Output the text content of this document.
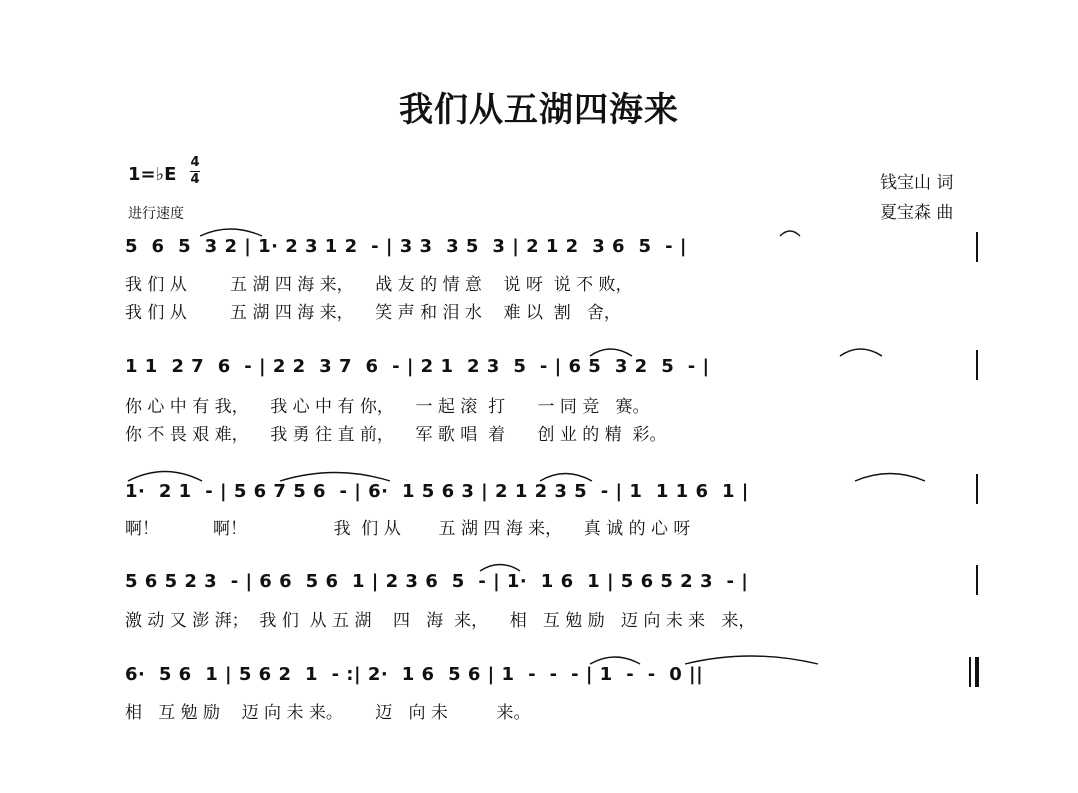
我们从五湖四海来
1=♭E
4
4
进行速度
钱宝山 词
夏宝森 曲
5  6  5  3 2 | 1· 2 3 1 2  - | 3 3  3 5  3 | 2 1 2  3 6  5  - |
我 们 从        五 湖 四 海 来，    战 友 的 情 意    说 呀  说 不 败，
我 们 从        五 湖 四 海 来，    笑 声 和 泪 水    难 以  割   舍，
1 1  2 7  6  - | 2 2  3 7  6  - | 2 1  2 3  5  - | 6 5  3 2  5  - |
你 心 中 有 我，    我 心 中 有 你，    一 起 滚  打      一 同 竞   赛。
你 不 畏 艰 难，    我 勇 往 直 前，    军 歌 唱  着      创 业 的 精  彩。
1·  2 1  - | 5 6 7 5 6  - | 6·  1 5 6 3 | 2 1 2 3 5  - | 1  1 1 6  1 |
啊！          啊！                我  们 从       五 湖 四 海 来，    真 诚 的 心 呀
5 6 5 2 3  - | 6 6  5 6  1 | 2 3 6  5  - | 1·  1 6  1 | 5 6 5 2 3  - |
激 动 又 澎 湃；  我 们  从 五 湖    四   海  来，    相   互 勉 励   迈 向 未 来   来，
6·  5 6  1 | 5 6 2  1  - :| 2·  1 6  5 6 | 1  -  -  - | 1  -  -  0 ||
相   互 勉 励    迈 向 未 来。      迈   向 未         来。
